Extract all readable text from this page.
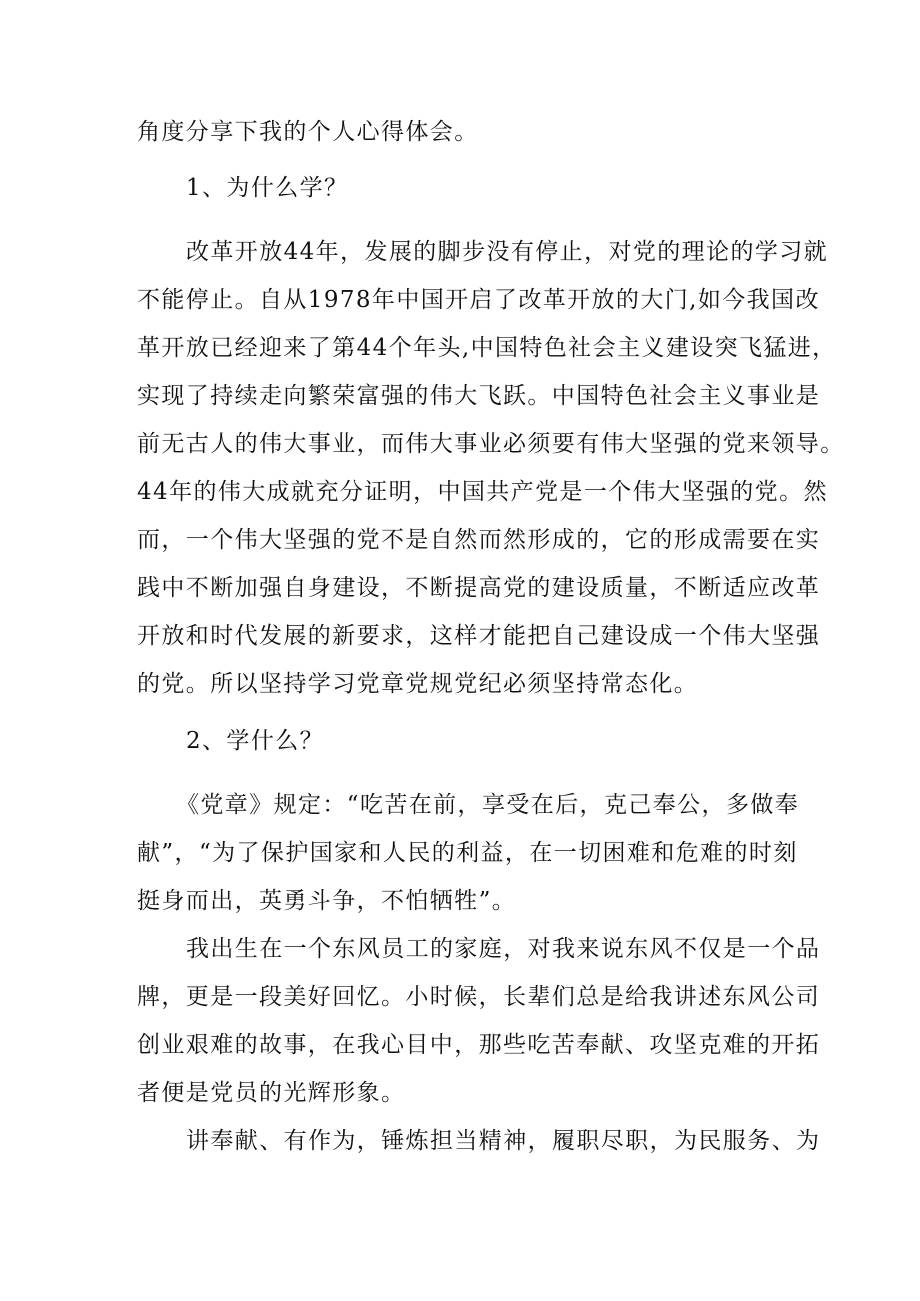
角度分享下我的个人心得体会。
1、为什么学？
改革开放44年，发展的脚步没有停止，对党的理论的学习就
不能停止。自从1978年中国开启了改革开放的大门,如今我国改
革开放已经迎来了第44个年头,中国特色社会主义建设突飞猛进，
实现了持续走向繁荣富强的伟大飞跃。中国特色社会主义事业是
前无古人的伟大事业，而伟大事业必须要有伟大坚强的党来领导。
44年的伟大成就充分证明，中国共产党是一个伟大坚强的党。然
而，一个伟大坚强的党不是自然而然形成的，它的形成需要在实
践中不断加强自身建设，不断提高党的建设质量，不断适应改革
开放和时代发展的新要求，这样才能把自己建设成一个伟大坚强
的党。所以坚持学习党章党规党纪必须坚持常态化。
2、学什么？
《党章》规定：“吃苦在前，享受在后，克己奉公，多做奉
献”，“为了保护国家和人民的利益，在一切困难和危难的时刻
挺身而出，英勇斗争，不怕牺牲”。
我出生在一个东风员工的家庭，对我来说东风不仅是一个品
牌，更是一段美好回忆。小时候，长辈们总是给我讲述东风公司
创业艰难的故事，在我心目中，那些吃苦奉献、攻坚克难的开拓
者便是党员的光辉形象。
讲奉献、有作为，锤炼担当精神，履职尽职，为民服务、为
